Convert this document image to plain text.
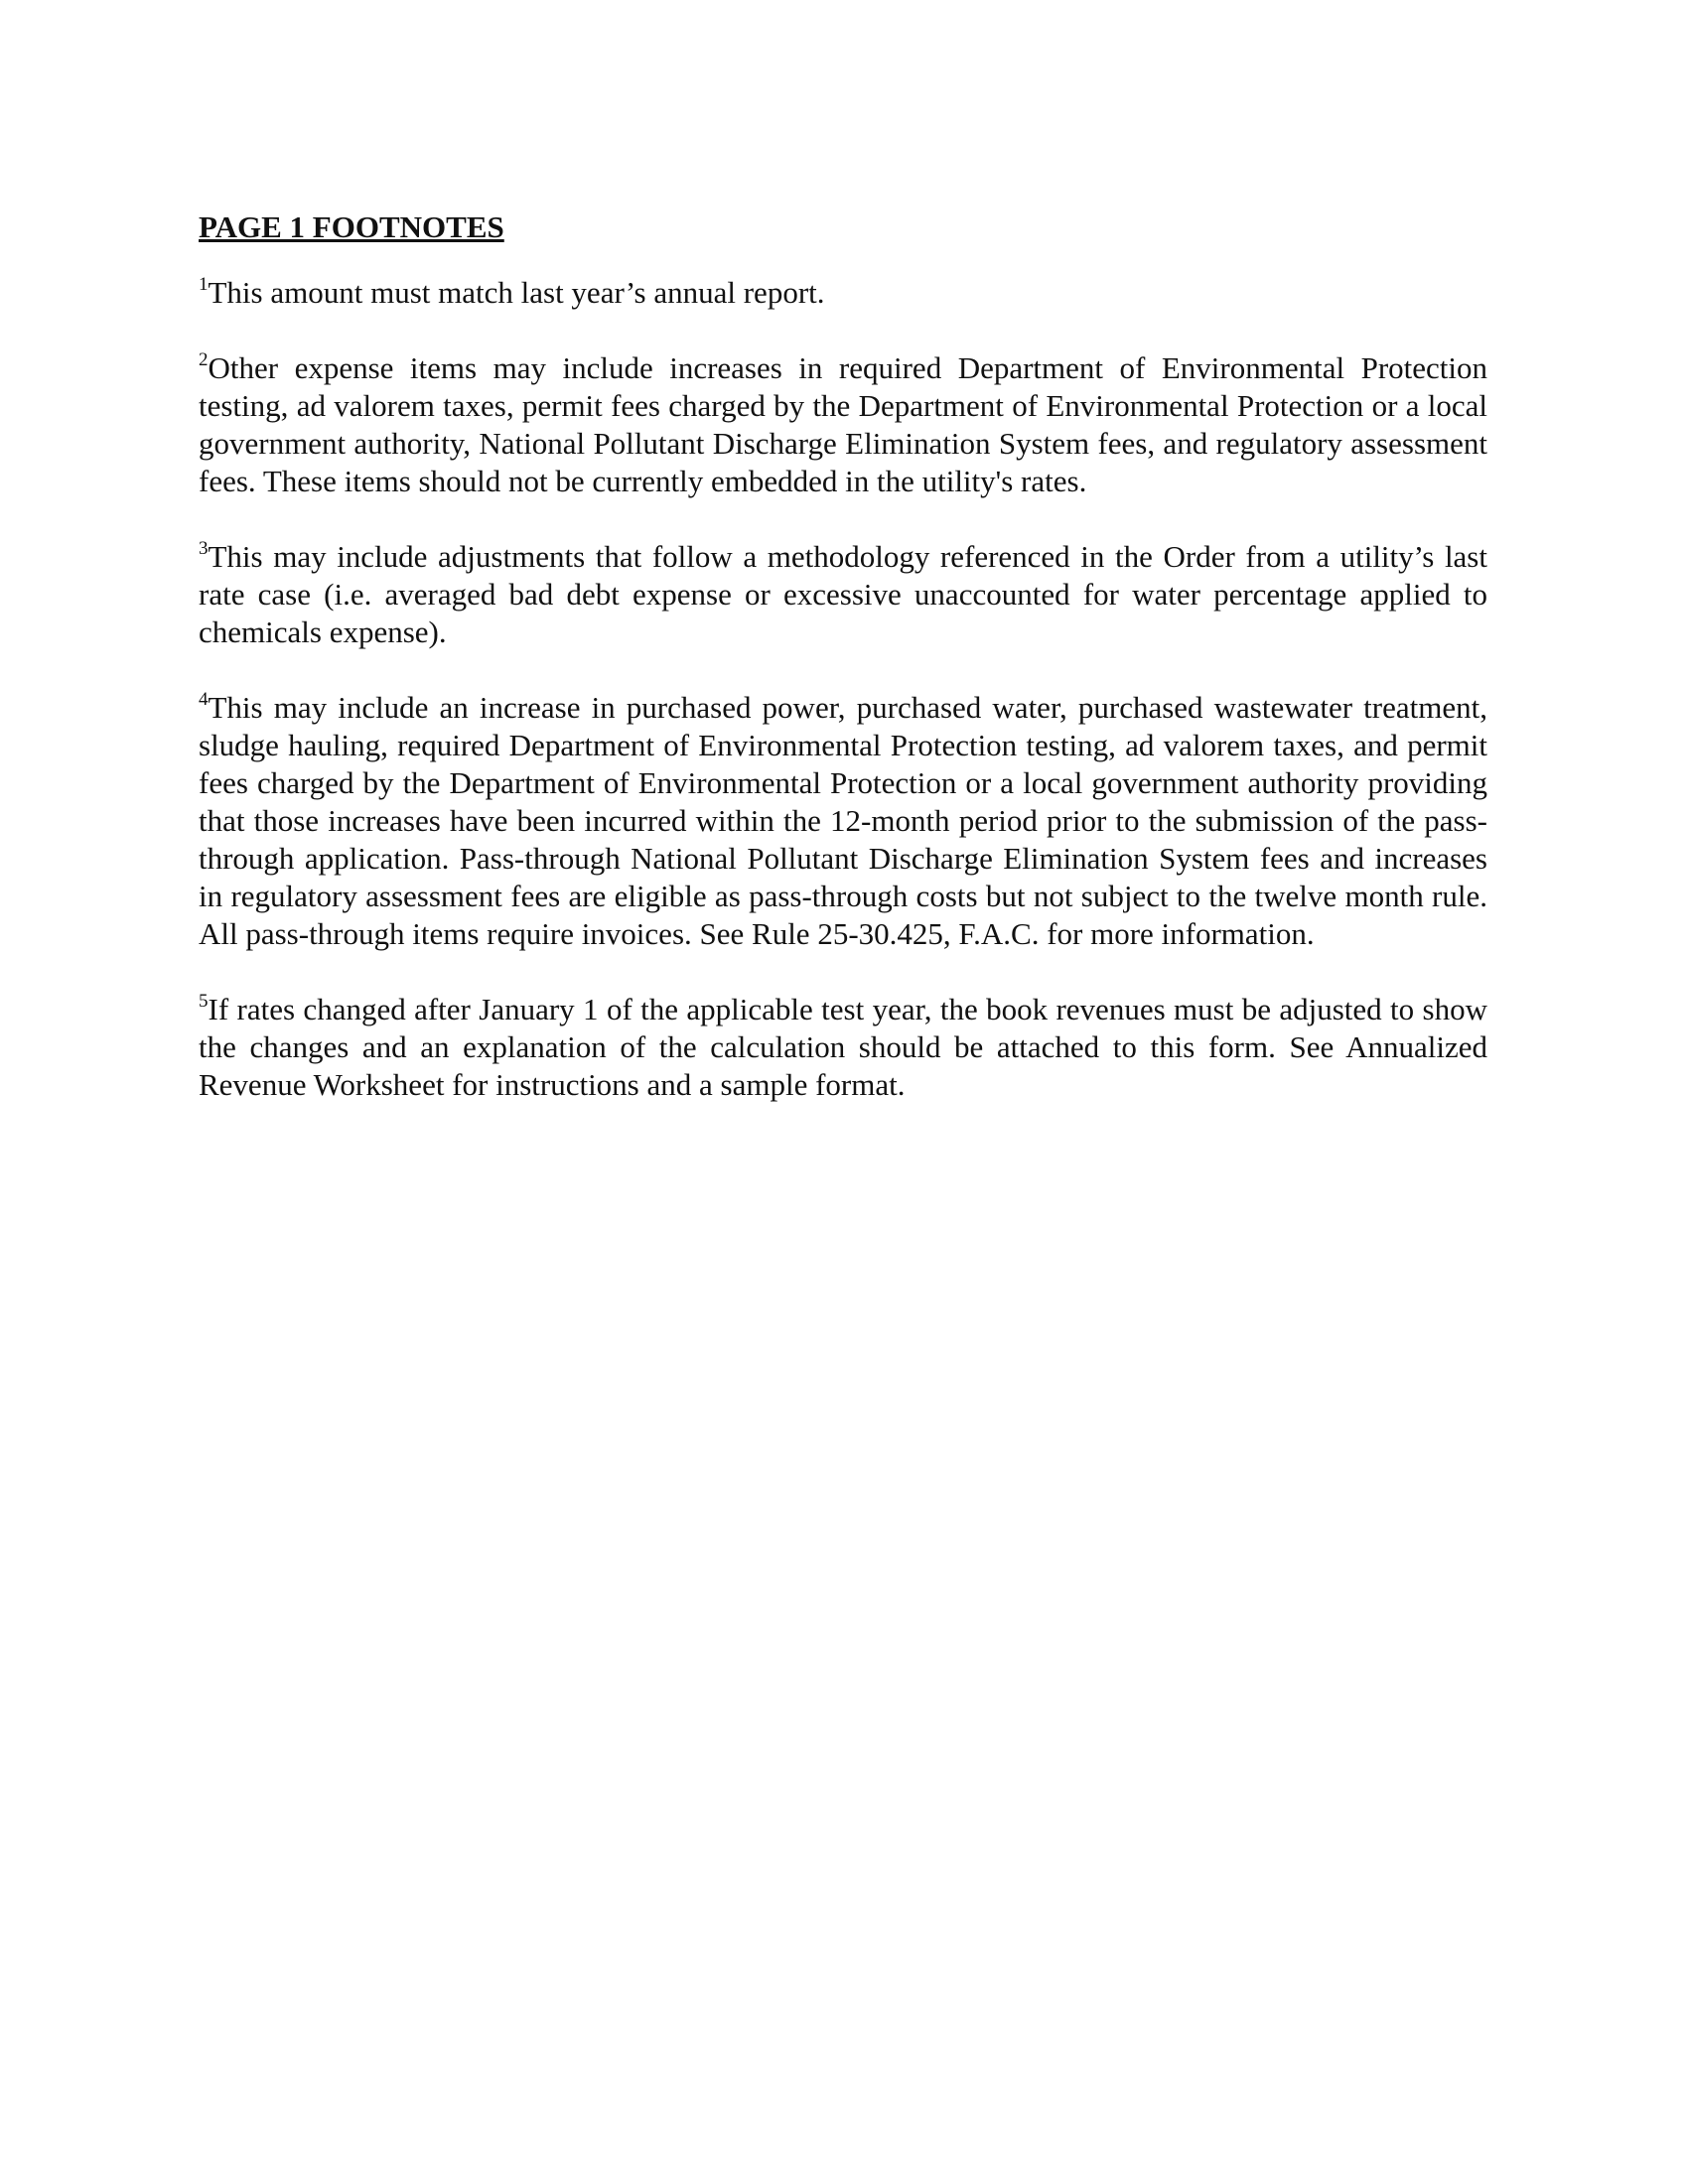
PAGE 1 FOOTNOTES

$^1$This amount must match last year’s annual report.

$^2$Other expense items may include increases in required Department of Environmental Protection testing, ad valorem taxes, permit fees charged by the Department of Environmental Protection or a local government authority, National Pollutant Discharge Elimination System fees, and regulatory assessment fees. These items should not be currently embedded in the utility's rates.

$^3$This may include adjustments that follow a methodology referenced in the Order from a utility’s last rate case (i.e. averaged bad debt expense or excessive unaccounted for water percentage applied to chemicals expense).

$^4$This may include an increase in purchased power, purchased water, purchased wastewater treatment, sludge hauling, required Department of Environmental Protection testing, ad valorem taxes, and permit fees charged by the Department of Environmental Protection or a local government authority providing that those increases have been incurred within the 12-month period prior to the submission of the pass-through application. Pass-through National Pollutant Discharge Elimination System fees and increases in regulatory assessment fees are eligible as pass-through costs but not subject to the twelve month rule. All pass-through items require invoices. See Rule 25-30.425, F.A.C. for more information.

$^5$If rates changed after January 1 of the applicable test year, the book revenues must be adjusted to show the changes and an explanation of the calculation should be attached to this form. See Annualized Revenue Worksheet for instructions and a sample format.
